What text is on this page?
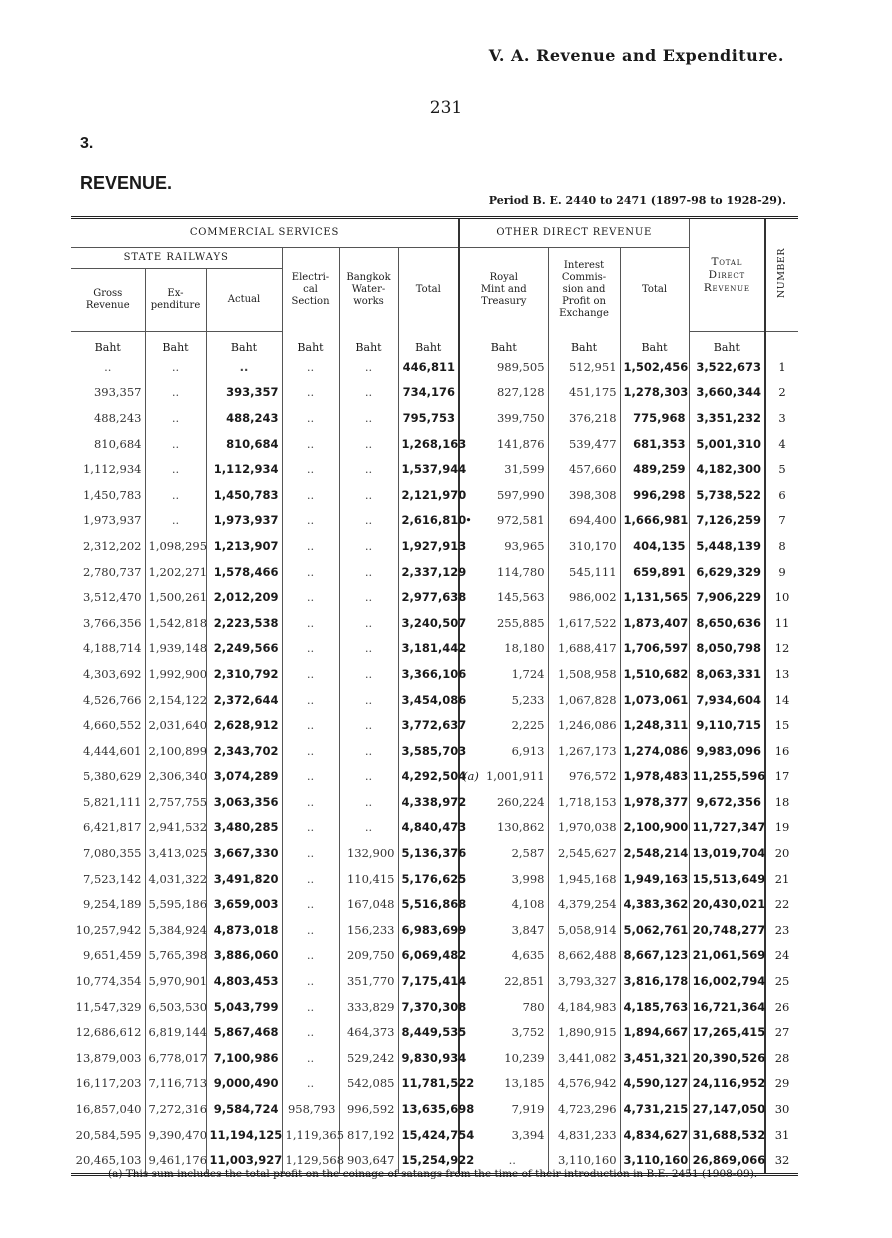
V. A. Revenue and Expenditure.
231
3.
REVENUE.
Period B. E. 2440 to 2471 (1897-98 to 1928-29).
COMMERCIAL SERVICES						OTHER DIRECT REVENUE				Total
Direct
Revenue	NUMBER
STATE RAILWAYS			Electri-
cal
Section	Bangkok
Water-
works	Total	Royal
Mint and
Treasury		Interest
Commis-
sion and
Profit on
Exchange	Total		
Gross
Revenue	Ex-
penditure	Actual									
Baht	Baht	Baht	Baht	Baht	Baht	Baht		Baht	Baht	Baht	
..	..	..	..	..	446,811		989,505	512,951	1,502,456	3,522,673	1
393,357	..	393,357	..	..	734,176		827,128	451,175	1,278,303	3,660,344	2
488,243	..	488,243	..	..	795,753		399,750	376,218	775,968	3,351,232	3
810,684	..	810,684	..	..	1,268,163		141,876	539,477	681,353	5,001,310	4
1,112,934	..	1,112,934	..	..	1,537,944		31,599	457,660	489,259	4,182,300	5
1,450,783	..	1,450,783	..	..	2,121,970		597,990	398,308	996,298	5,738,522	6
1,973,937	..	1,973,937	..	..	2,616,810	•	972,581	694,400	1,666,981	7,126,259	7
2,312,202	1,098,295	1,213,907	..	..	1,927,913		93,965	310,170	404,135	5,448,139	8
2,780,737	1,202,271	1,578,466	..	..	2,337,129		114,780	545,111	659,891	6,629,329	9
3,512,470	1,500,261	2,012,209	..	..	2,977,638		145,563	986,002	1,131,565	7,906,229	10
3,766,356	1,542,818	2,223,538	..	..	3,240,507		255,885	1,617,522	1,873,407	8,650,636	11
4,188,714	1,939,148	2,249,566	..	..	3,181,442		18,180	1,688,417	1,706,597	8,050,798	12
4,303,692	1,992,900	2,310,792	..	..	3,366,106		1,724	1,508,958	1,510,682	8,063,331	13
4,526,766	2,154,122	2,372,644	..	..	3,454,086		5,233	1,067,828	1,073,061	7,934,604	14
4,660,552	2,031,640	2,628,912	..	..	3,772,637		2,225	1,246,086	1,248,311	9,110,715	15
4,444,601	2,100,899	2,343,702	..	..	3,585,703		6,913	1,267,173	1,274,086	9,983,096	16
5,380,629	2,306,340	3,074,289	..	..	4,292,504	(a)	1,001,911	976,572	1,978,483	11,255,596	17
5,821,111	2,757,755	3,063,356	..	..	4,338,972		260,224	1,718,153	1,978,377	9,672,356	18
6,421,817	2,941,532	3,480,285	..	..	4,840,473		130,862	1,970,038	2,100,900	11,727,347	19
7,080,355	3,413,025	3,667,330	..	132,900	5,136,376		2,587	2,545,627	2,548,214	13,019,704	20
7,523,142	4,031,322	3,491,820	..	110,415	5,176,625		3,998	1,945,168	1,949,163	15,513,649	21
9,254,189	5,595,186	3,659,003	..	167,048	5,516,868		4,108	4,379,254	4,383,362	20,430,021	22
10,257,942	5,384,924	4,873,018	..	156,233	6,983,699		3,847	5,058,914	5,062,761	20,748,277	23
9,651,459	5,765,398	3,886,060	..	209,750	6,069,482		4,635	8,662,488	8,667,123	21,061,569	24
10,774,354	5,970,901	4,803,453	..	351,770	7,175,414		22,851	3,793,327	3,816,178	16,002,794	25
11,547,329	6,503,530	5,043,799	..	333,829	7,370,308		780	4,184,983	4,185,763	16,721,364	26
12,686,612	6,819,144	5,867,468	..	464,373	8,449,535		3,752	1,890,915	1,894,667	17,265,415	27
13,879,003	6,778,017	7,100,986	..	529,242	9,830,934		10,239	3,441,082	3,451,321	20,390,526	28
16,117,203	7,116,713	9,000,490	..	542,085	11,781,522		13,185	4,576,942	4,590,127	24,116,952	29
16,857,040	7,272,316	9,584,724	958,793	996,592	13,635,698		7,919	4,723,296	4,731,215	27,147,050	30
20,584,595	9,390,470	11,194,125	1,119,365	817,192	15,424,754		3,394	4,831,233	4,834,627	31,688,532	31
20,465,103	9,461,176	11,003,927	1,129,568	903,647	15,254,922		..	3,110,160	3,110,160	26,869,066	32
(a) This sum includes the total profit on the coinage of satangs from the time of their introduction in B.E. 2451 (1908-09).
